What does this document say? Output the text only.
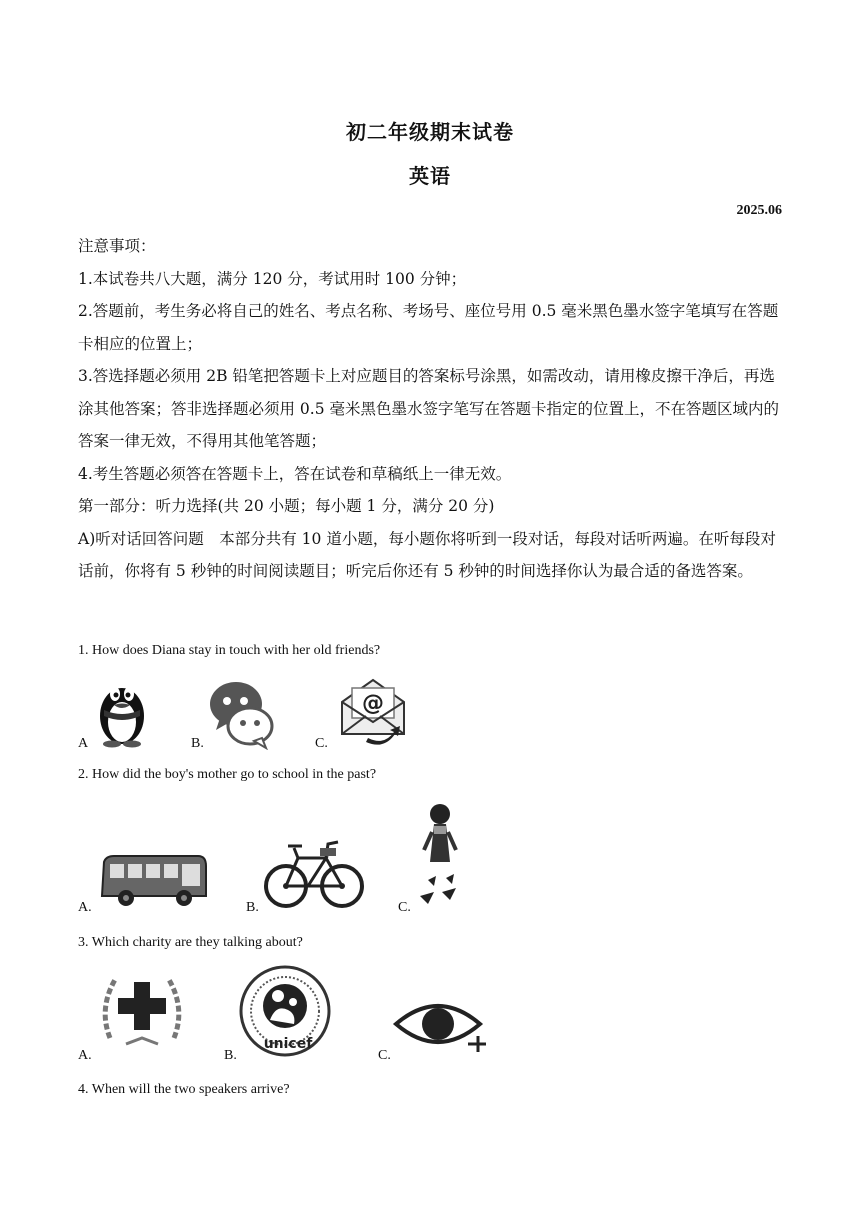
初二年级期末试卷
英语
2025.06

注意事项：

1.本试卷共八大题，满分 120 分，考试用时 100 分钟；

2.答题前，考生务必将自己的姓名、考点名称、考场号、座位号用 0.5 毫米黑色墨水签字笔填写在答题卡相应的位置上；

3.答选择题必须用 2B 铅笔把答题卡上对应题目的答案标号涂黑，如需改动，请用橡皮擦干净后，再选涂其他答案；答非选择题必须用 0.5 毫米黑色墨水签字笔写在答题卡指定的位置上，不在答题区域内的答案一律无效，不得用其他笔答题；

4.考生答题必须答在答题卡上，答在试卷和草稿纸上一律无效。

第一部分：听力选择(共 20 小题；每小题 1 分，满分 20 分)

A)听对话回答问题　本部分共有 10 道小题，每小题你将听到一段对话，每段对话听两遍。在听每段对话前，你将有 5 秒钟的时间阅读题目；听完后你还有 5 秒钟的时间选择你认为最合适的备选答案。

1. How does Diana stay in touch with her old friends?
A	B.
@
C.
2. How did the boy's mother go to school in the past?
A.	B.	C.
3. Which charity are they talking about?
A.
unicef
B.	C.
4. When will the two speakers arrive?
